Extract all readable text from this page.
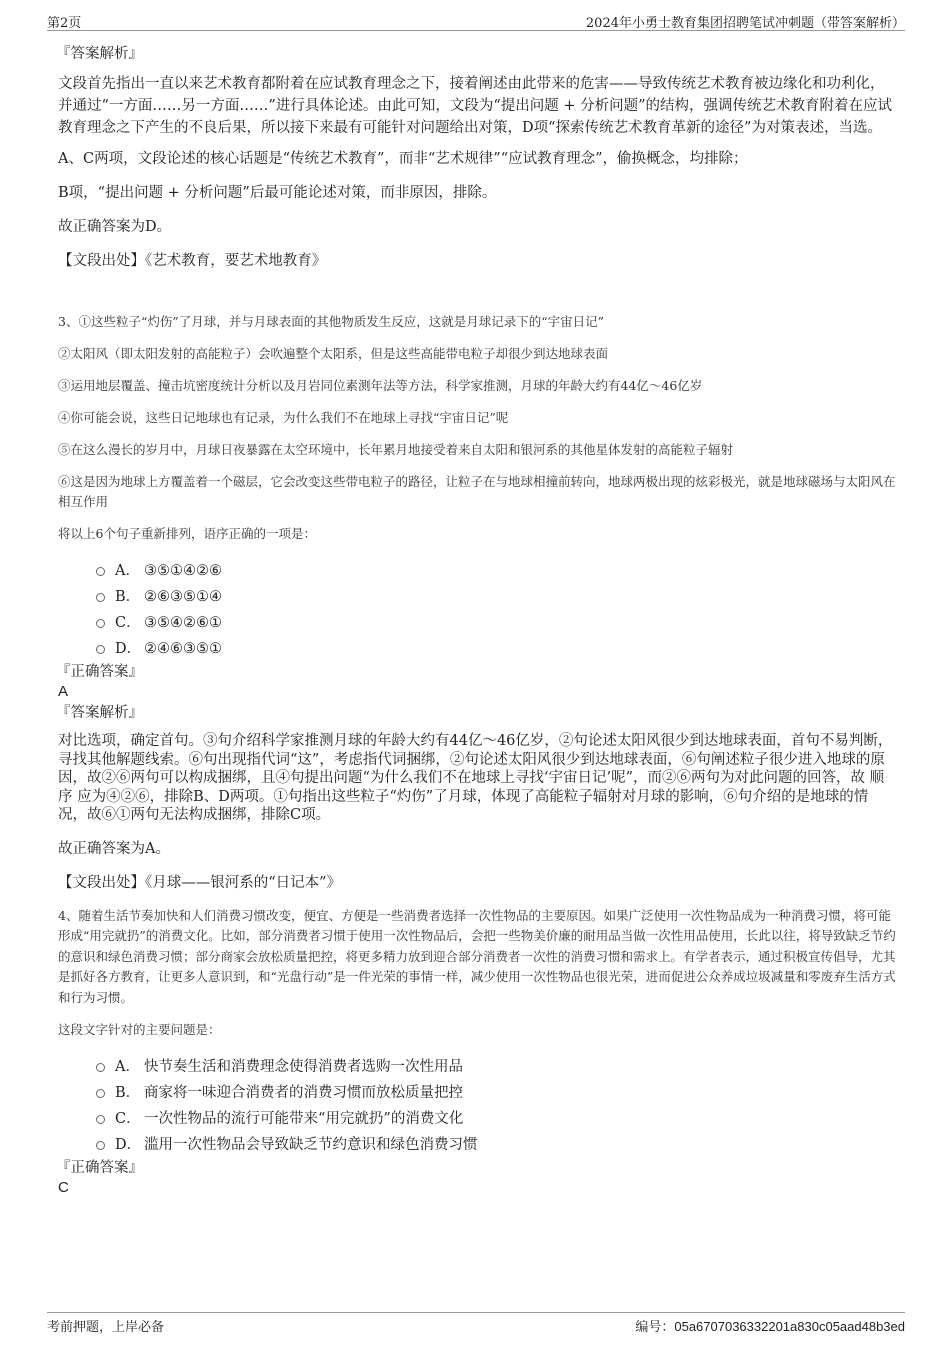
第2页	2024年小勇士教育集团招聘笔试冲刺题（带答案解析）
『答案解析』

文段首先指出一直以来艺术教育都附着在应试教育理念之下，接着阐述由此带来的危害——导致传统艺术教育被边缘化和功利化，并通过“一方面……另一方面……”进行具体论述。由此可知，文段为“提出问题 + 分析问题”的结构，强调传统艺术教育附着在应试教育理念之下产生的不良后果，所以接下来最有可能针对问题给出对策，D项“探索传统艺术教育革新的途径”为对策表述，当选。

A、C两项，文段论述的核心话题是“传统艺术教育”，而非“艺术规律”“应试教育理念”，偷换概念，均排除；

B项，“提出问题 + 分析问题”后最可能论述对策，而非原因，排除。

故正确答案为D。

【文段出处】《艺术教育，要艺术地教育》

3、①这些粒子“灼伤”了月球，并与月球表面的其他物质发生反应，这就是月球记录下的“宇宙日记”

②太阳风（即太阳发射的高能粒子）会吹遍整个太阳系，但是这些高能带电粒子却很少到达地球表面

③运用地层覆盖、撞击坑密度统计分析以及月岩同位素测年法等方法，科学家推测，月球的年龄大约有44亿～46亿岁

④你可能会说，这些日记地球也有记录，为什么我们不在地球上寻找“宇宙日记”呢

⑤在这么漫长的岁月中，月球日夜暴露在太空环境中，长年累月地接受着来自太阳和银河系的其他星体发射的高能粒子辐射

⑥这是因为地球上方覆盖着一个磁层，它会改变这些带电粒子的路径，让粒子在与地球相撞前转向，地球两极出现的炫彩极光，就是地球磁场与太阳风在相互作用

将以上6个句子重新排列，语序正确的一项是：

A． ③⑤①④②⑥
B． ②⑥③⑤①④
C． ③⑤④②⑥①
D． ②④⑥③⑤①
『正确答案』
A
『答案解析』

对比选项，确定首句。③句介绍科学家推测月球的年龄大约有44亿～46亿岁，②句论述太阳风很少到达地球表面，首句不易判断，寻找其他解题线索。⑥句出现指代词“这”，考虑指代词捆绑，②句论述太阳风很少到达地球表面，⑥句阐述粒子很少进入地球的原因，故②⑥两句可以构成捆绑，且④句提出问题“为什么我们不在地球上寻找‘宇宙日记’呢”，而②⑥两句为对此问题的回答，故 顺序 应为④②⑥，排除B、D两项。①句指出这些粒子“灼伤”了月球，体现了高能粒子辐射对月球的影响，⑥句介绍的是地球的情况，故⑥①两句无法构成捆绑，排除C项。

故正确答案为A。

【文段出处】《月球——银河系的“日记本”》

4、随着生活节奏加快和人们消费习惯改变，便宜、方便是一些消费者选择一次性物品的主要原因。如果广泛使用一次性物品成为一种消费习惯，将可能形成“用完就扔”的消费文化。比如，部分消费者习惯于使用一次性物品后，会把一些物美价廉的耐用品当做一次性用品使用，长此以往，将导致缺乏节约的意识和绿色消费习惯；部分商家会放松质量把控，将更多精力放到迎合部分消费者一次性的消费习惯和需求上。有学者表示，通过积极宣传倡导，尤其是抓好各方教育，让更多人意识到，和“光盘行动”是一件光荣的事情一样，减少使用一次性物品也很光荣，进而促进公众养成垃圾减量和零废弃生活方式和行为习惯。

这段文字针对的主要问题是：

A． 快节奏生活和消费理念使得消费者选购一次性用品
B． 商家将一味迎合消费者的消费习惯而放松质量把控
C． 一次性物品的流行可能带来“用完就扔”的消费文化
D． 滥用一次性物品会导致缺乏节约意识和绿色消费习惯
『正确答案』
C
考前押题，上岸必备	编号：05a6707036332201a830c05aad48b3ed
